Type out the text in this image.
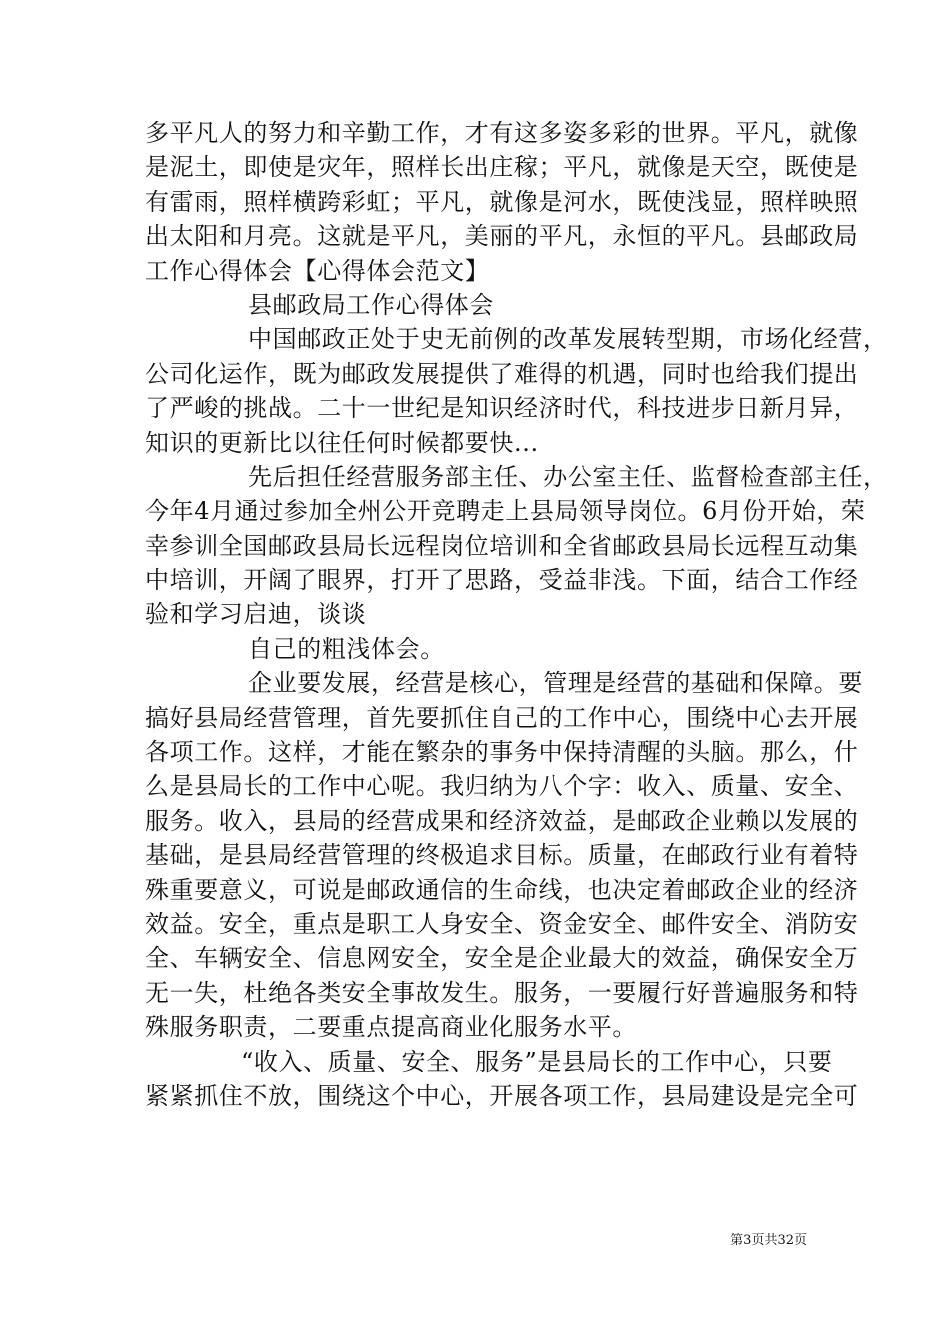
多平凡人的努力和辛勤工作，才有这多姿多彩的世界。平凡，就像
是泥土，即使是灾年，照样长出庄稼；平凡，就像是天空，既使是
有雷雨，照样横跨彩虹；平凡，就像是河水，既使浅显，照样映照
出太阳和月亮。这就是平凡，美丽的平凡，永恒的平凡。县邮政局
工作心得体会【心得体会范文】
县邮政局工作心得体会
中国邮政正处于史无前例的改革发展转型期，市场化经营，
公司化运作，既为邮政发展提供了难得的机遇，同时也给我们提出
了严峻的挑战。二十一世纪是知识经济时代，科技进步日新月异，
知识的更新比以往任何时候都要快...
先后担任经营服务部主任、办公室主任、监督检查部主任，
今年4月通过参加全州公开竞聘走上县局领导岗位。6月份开始，荣
幸参训全国邮政县局长远程岗位培训和全省邮政县局长远程互动集
中培训，开阔了眼界，打开了思路，受益非浅。下面，结合工作经
验和学习启迪，谈谈
自己的粗浅体会。
企业要发展，经营是核心，管理是经营的基础和保障。要
搞好县局经营管理，首先要抓住自己的工作中心，围绕中心去开展
各项工作。这样，才能在繁杂的事务中保持清醒的头脑。那么，什
么是县局长的工作中心呢。我归纳为八个字：收入、质量、安全、
服务。收入，县局的经营成果和经济效益，是邮政企业赖以发展的
基础，是县局经营管理的终极追求目标。质量，在邮政行业有着特
殊重要意义，可说是邮政通信的生命线，也决定着邮政企业的经济
效益。安全，重点是职工人身安全、资金安全、邮件安全、消防安
全、车辆安全、信息网安全，安全是企业最大的效益，确保安全万
无一失，杜绝各类安全事故发生。服务，一要履行好普遍服务和特
殊服务职责，二要重点提高商业化服务水平。
“收入、质量、安全、服务”是县局长的工作中心，只要
紧紧抓住不放，围绕这个中心，开展各项工作，县局建设是完全可
第3页共32页
